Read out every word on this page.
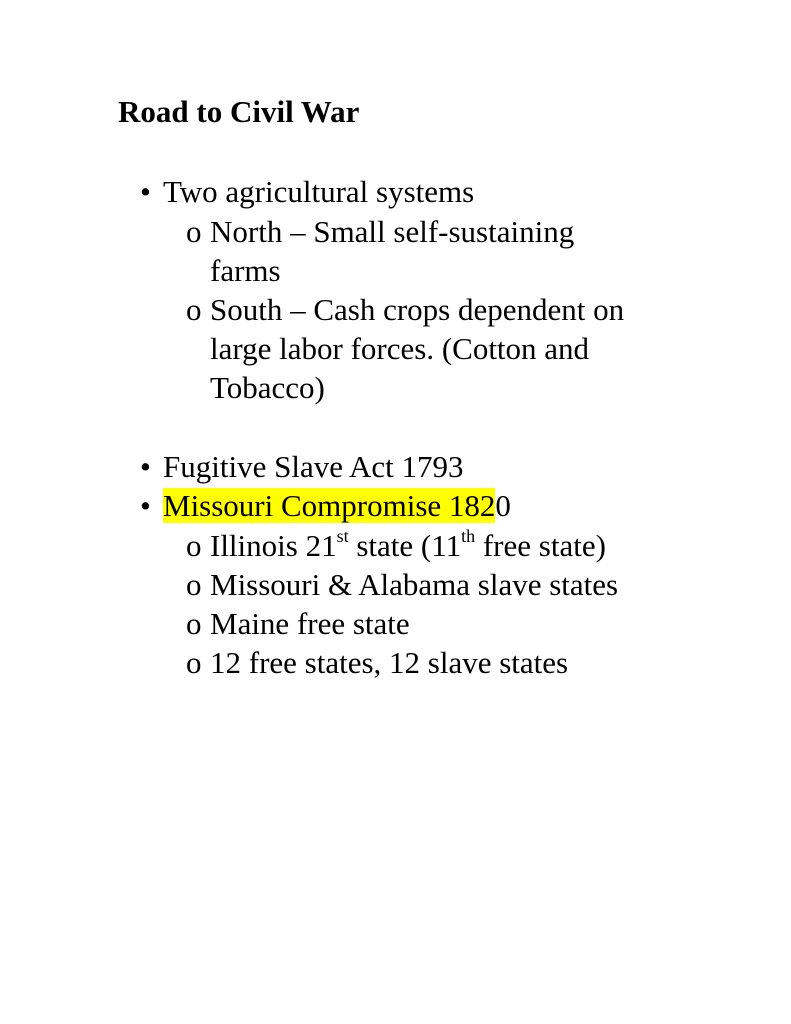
Road to Civil War
• Two agricultural systems
o North – Small self-sustaining
farms
o South – Cash crops dependent on
large labor forces. (Cotton and
Tobacco)
• Fugitive Slave Act 1793
• Missouri Compromise 1820
o Illinois 21st state (11th free state)
o Missouri & Alabama slave states
o Maine free state
o 12 free states, 12 slave states
